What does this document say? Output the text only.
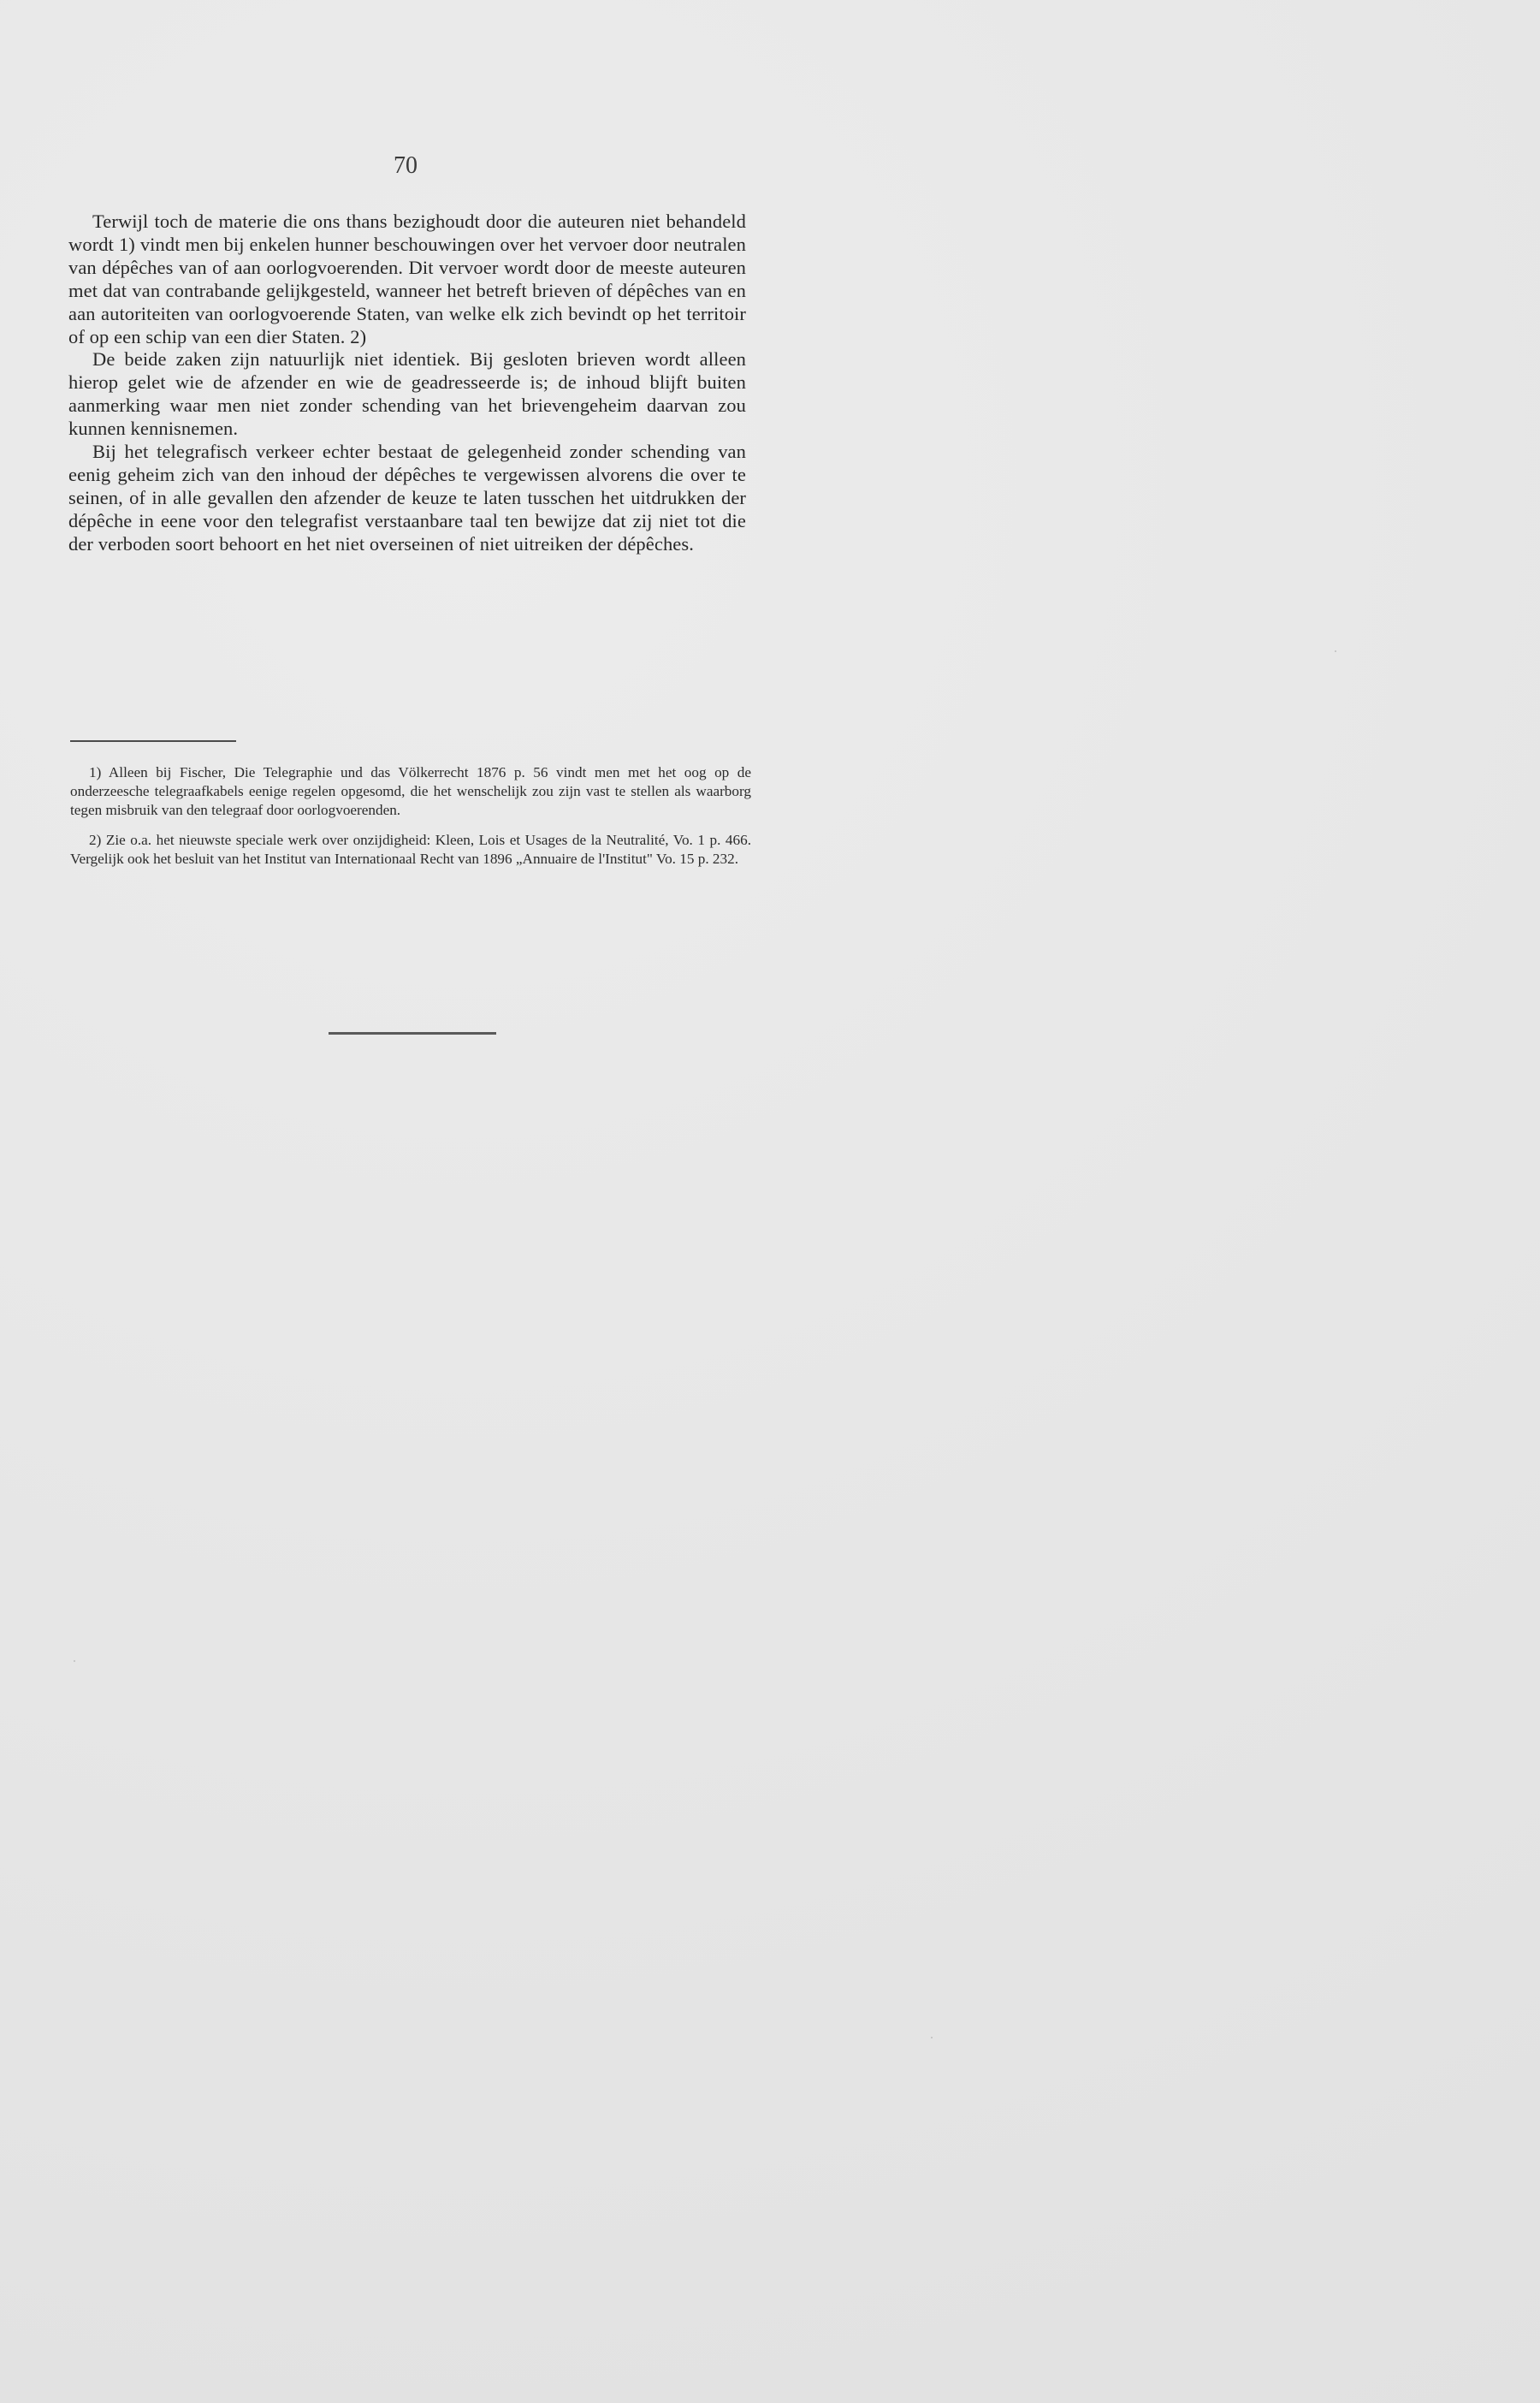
70

Terwijl toch de materie die ons thans bezighoudt door die auteuren niet behandeld wordt 1) vindt men bij enkelen hunner beschouwingen over het vervoer door neutralen van dépêches van of aan oorlogvoerenden. Dit vervoer wordt door de meeste auteuren met dat van contrabande gelijkgesteld, wanneer het betreft brieven of dépêches van en aan autoriteiten van oorlogvoerende Staten, van welke elk zich bevindt op het territoir of op een schip van een dier Staten. 2)

De beide zaken zijn natuurlijk niet identiek. Bij gesloten brieven wordt alleen hierop gelet wie de afzender en wie de geadresseerde is; de inhoud blijft buiten aanmerking waar men niet zonder schending van het brievengeheim daarvan zou kunnen kennisnemen.

Bij het telegrafisch verkeer echter bestaat de gelegenheid zonder schending van eenig geheim zich van den inhoud der dépêches te vergewissen alvorens die over te seinen, of in alle gevallen den afzender de keuze te laten tusschen het uitdrukken der dépêche in eene voor den telegrafist verstaanbare taal ten bewijze dat zij niet tot die der verboden soort behoort en het niet overseinen of niet uitreiken der dépêches.

1) Alleen bij Fischer, Die Telegraphie und das Völkerrecht 1876 p. 56 vindt men met het oog op de onderzeesche telegraafkabels eenige regelen opgesomd, die het wenschelijk zou zijn vast te stellen als waarborg tegen misbruik van den telegraaf door oorlogvoerenden.

2) Zie o.a. het nieuwste speciale werk over onzijdigheid: Kleen, Lois et Usages de la Neutralité, Vo. 1 p. 466. Vergelijk ook het besluit van het Institut van Internationaal Recht van 1896 „Annuaire de l'Institut" Vo. 15 p. 232.
